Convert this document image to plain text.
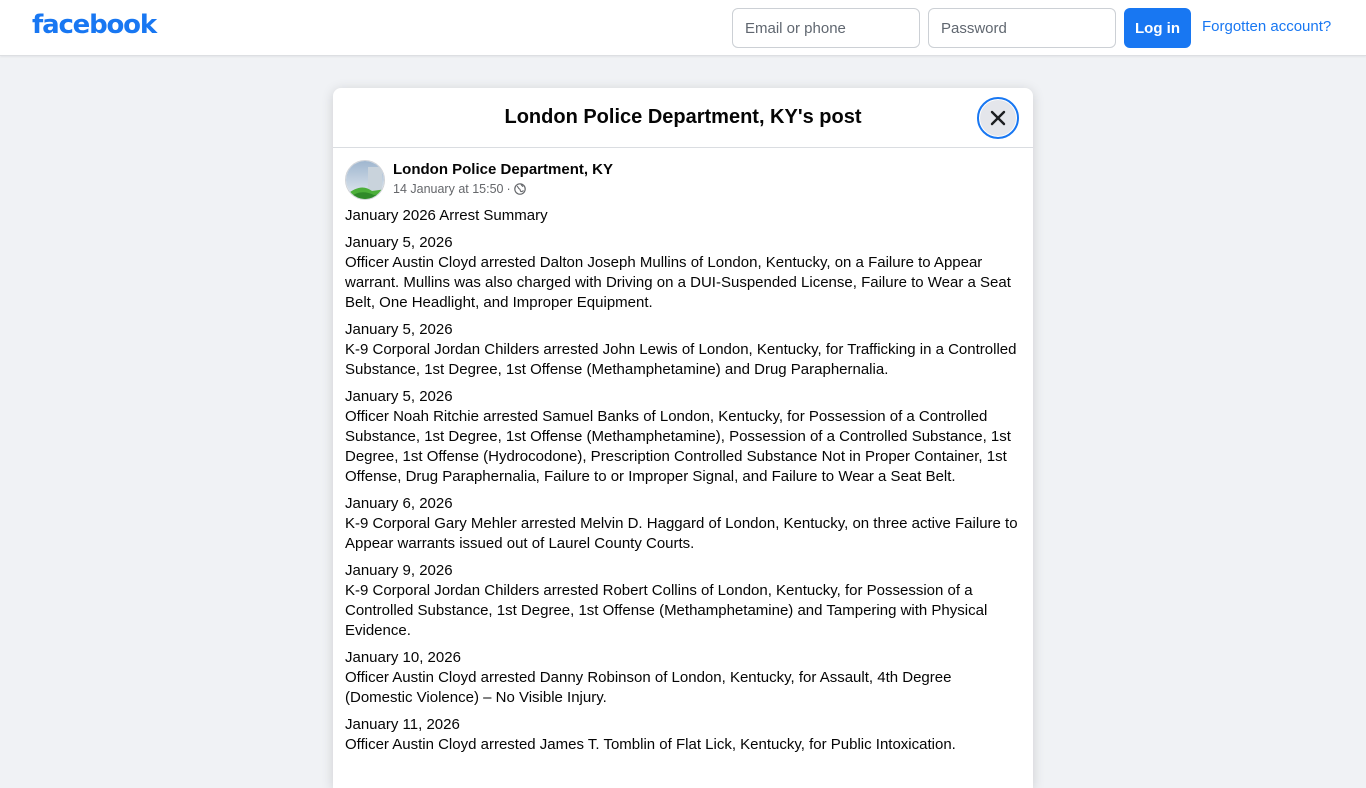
facebook
Email or phone	Log in	Forgotten account?
London Police Department, KY's post
London Police Department, KY
14 January at 15:50 ·
January 2026 Arrest Summary
January 5, 2026
Officer Austin Cloyd arrested Dalton Joseph Mullins of London, Kentucky, on a Failure to Appear warrant. Mullins was also charged with Driving on a DUI-Suspended License, Failure to Wear a Seat Belt, One Headlight, and Improper Equipment.
January 5, 2026
K-9 Corporal Jordan Childers arrested John Lewis of London, Kentucky, for Trafficking in a Controlled Substance, 1st Degree, 1st Offense (Methamphetamine) and Drug Paraphernalia.
January 5, 2026
Officer Noah Ritchie arrested Samuel Banks of London, Kentucky, for Possession of a Controlled Substance, 1st Degree, 1st Offense (Methamphetamine), Possession of a Controlled Substance, 1st Degree, 1st Offense (Hydrocodone), Prescription Controlled Substance Not in Proper Container, 1st Offense, Drug Paraphernalia, Failure to or Improper Signal, and Failure to Wear a Seat Belt.
January 6, 2026
K-9 Corporal Gary Mehler arrested Melvin D. Haggard of London, Kentucky, on three active Failure to Appear warrants issued out of Laurel County Courts.
January 9, 2026
K-9 Corporal Jordan Childers arrested Robert Collins of London, Kentucky, for Possession of a Controlled Substance, 1st Degree, 1st Offense (Methamphetamine) and Tampering with Physical Evidence.
January 10, 2026
Officer Austin Cloyd arrested Danny Robinson of London, Kentucky, for Assault, 4th Degree (Domestic Violence) – No Visible Injury.
January 11, 2026
Officer Austin Cloyd arrested James T. Tomblin of Flat Lick, Kentucky, for Public Intoxication.
